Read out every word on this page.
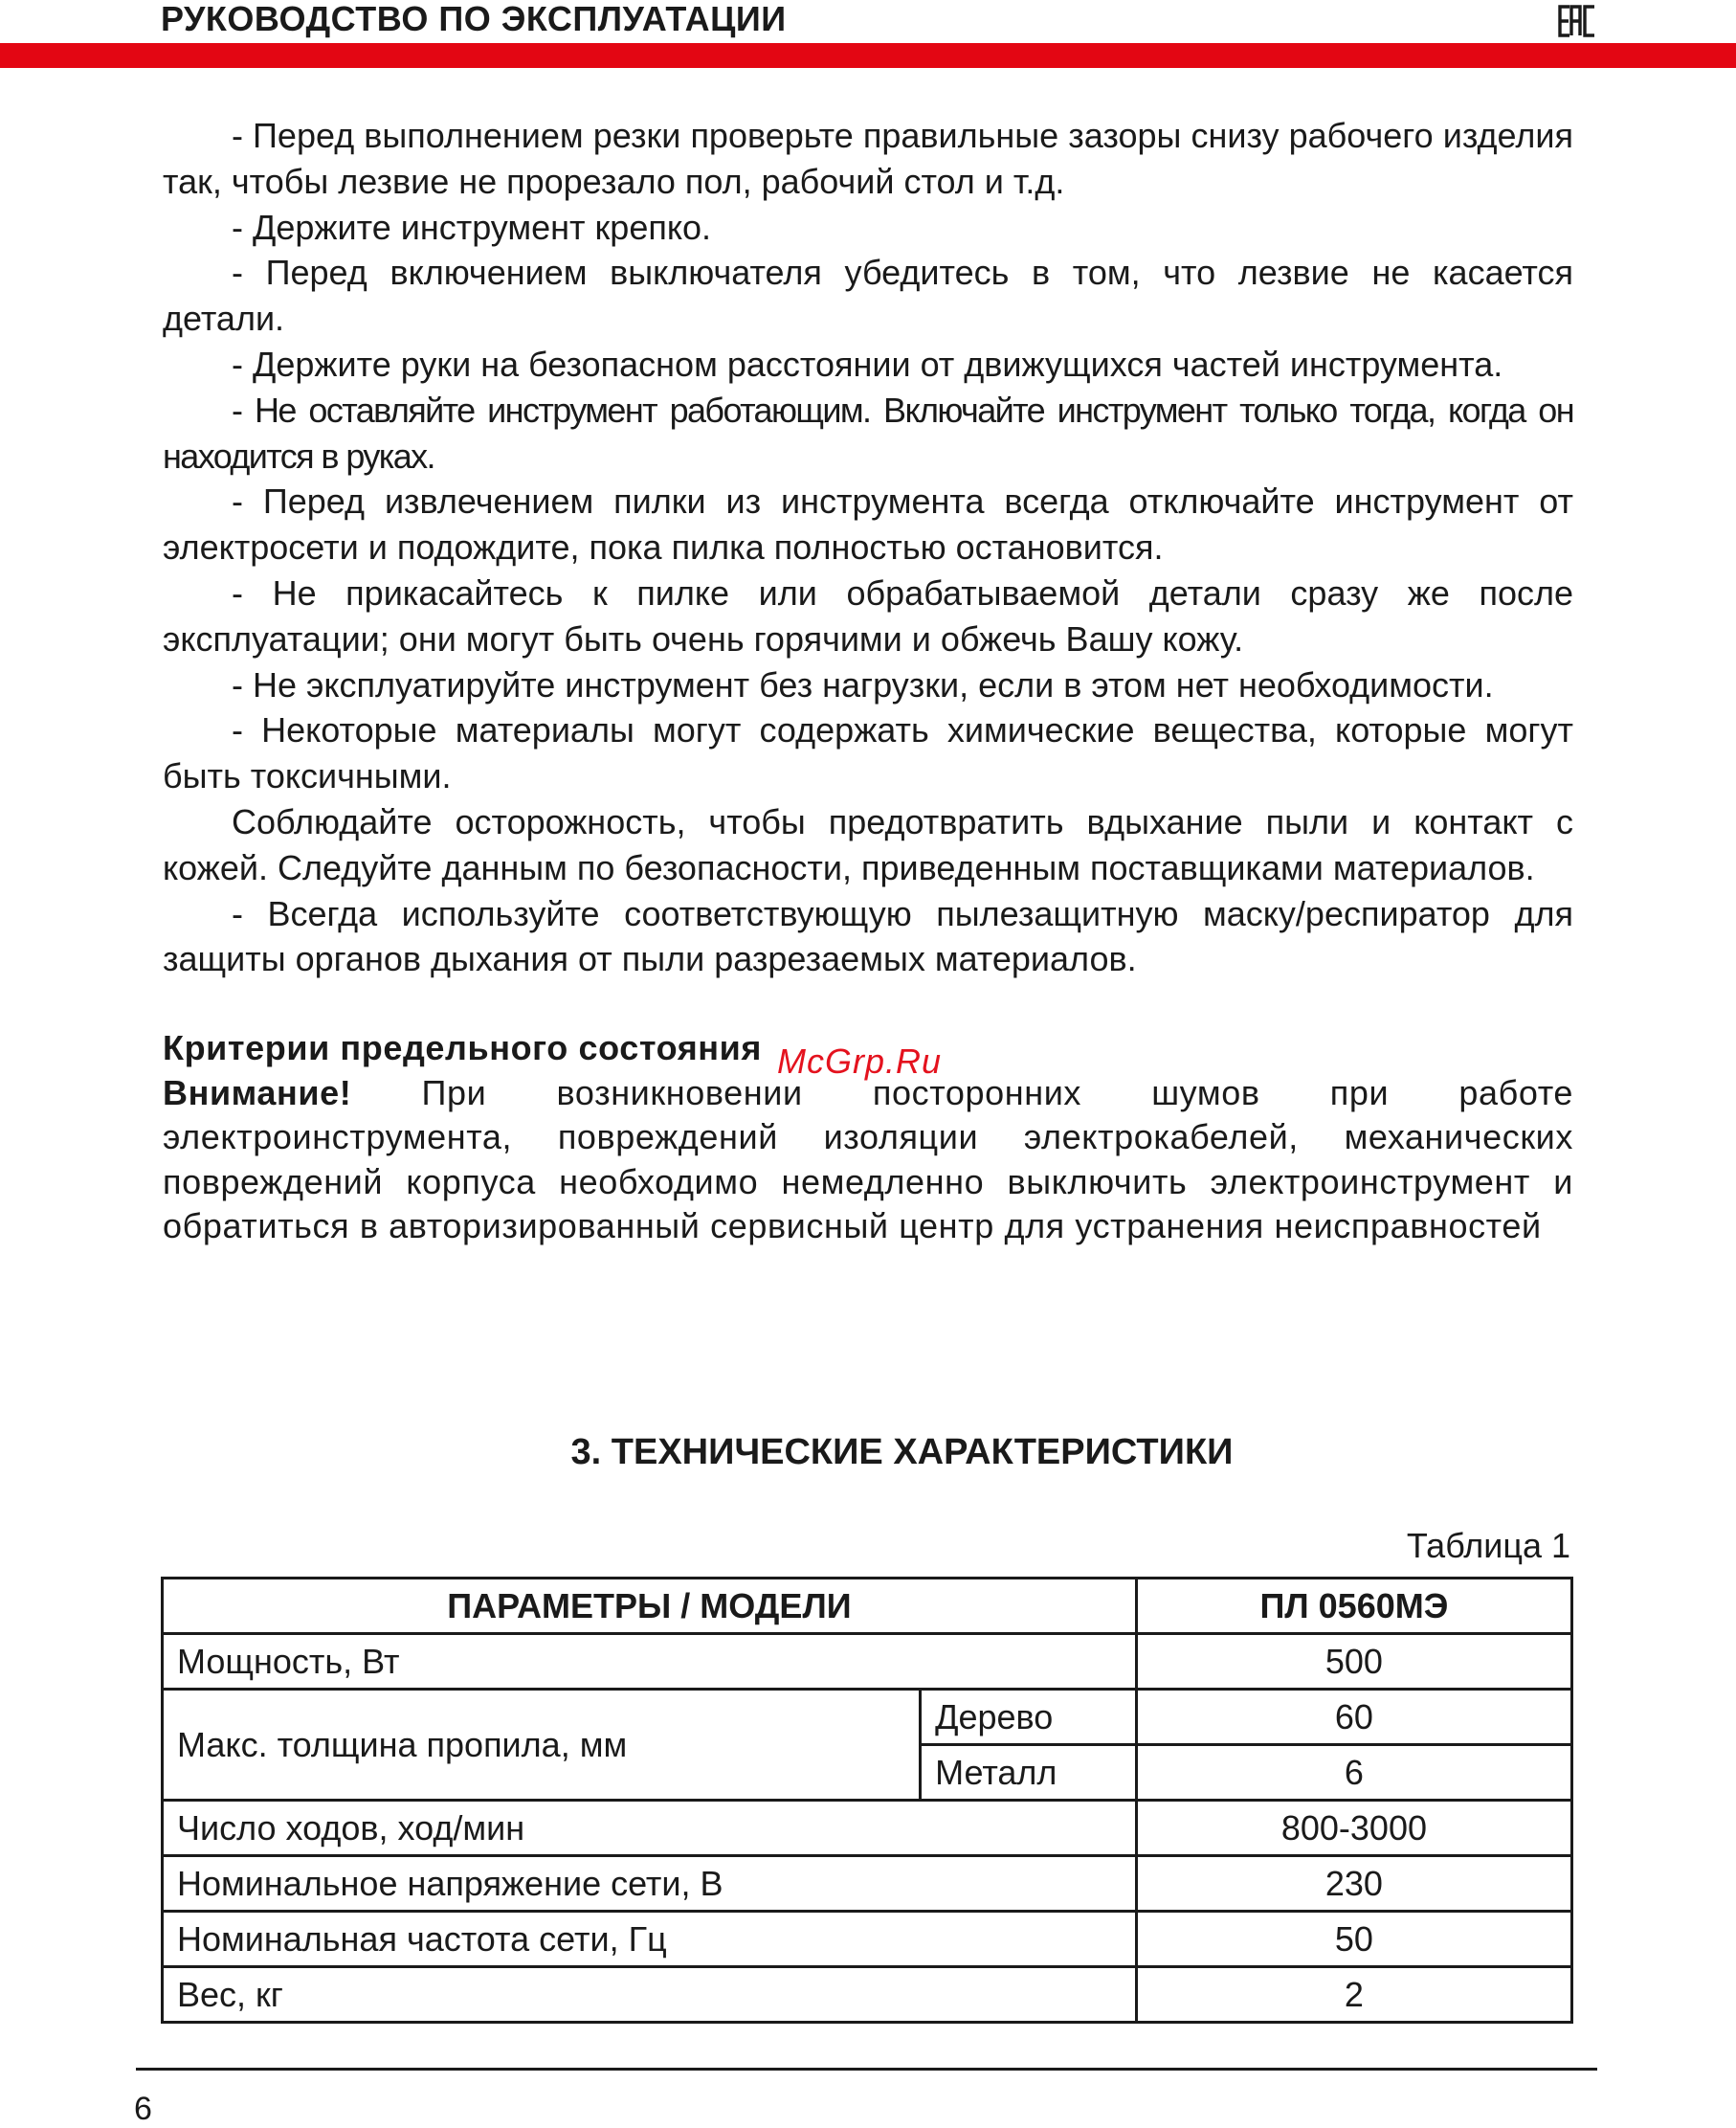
РУКОВОДСТВО ПО ЭКСПЛУАТАЦИИ

- Перед выполнением резки проверьте правильные зазоры снизу рабочего изделия так, чтобы лезвие не прорезало пол, рабочий стол и т.д.

- Держите инструмент крепко.

- Перед включением выключателя убедитесь в том, что лезвие не касается детали.

- Держите руки на безопасном расстоянии от движущихся частей инструмента.

- Не оставляйте инструмент работающим. Включайте инструмент только тогда, когда он находится в руках.

- Перед извлечением пилки из инструмента всегда отключайте инструмент от электросети и подождите, пока пилка полностью остановится.

- Не прикасайтесь к пилке или обрабатываемой детали сразу же после эксплуатации; они могут быть очень горячими и обжечь Вашу кожу.

- Не эксплуатируйте инструмент без нагрузки, если в этом нет необходимости.

- Некоторые материалы могут содержать химические вещества, которые могут быть токсичными.

Соблюдайте осторожность, чтобы предотвратить вдыхание пыли и контакт с кожей. Следуйте данным по безопасности, приведенным поставщиками материалов.

- Всегда используйте соответствующую пылезащитную маску/респиратор для защиты органов дыхания от пыли разрезаемых материалов.

Критерии предельного состояния

Внимание! При возникновении посторонних шумов при работе электроинструмента, повреждений изоляции электрокабелей, механических повреждений корпуса необходимо немедленно выключить электроинструмент и обратиться в авторизированный сервисный центр для устранения неисправностей

McGrp.Ru
3. ТЕХНИЧЕСКИЕ ХАРАКТЕРИСТИКИ
Таблица 1
ПАРАМЕТРЫ / МОДЕЛИ		ПЛ 0560МЭ
Мощность, Вт		500
Макс. толщина пропила, мм	Дерево	60
	Металл	6
Число ходов, ход/мин		800-3000
Номинальное напряжение сети, В		230
Номинальная частота сети, Гц		50
Вес, кг		2
6
